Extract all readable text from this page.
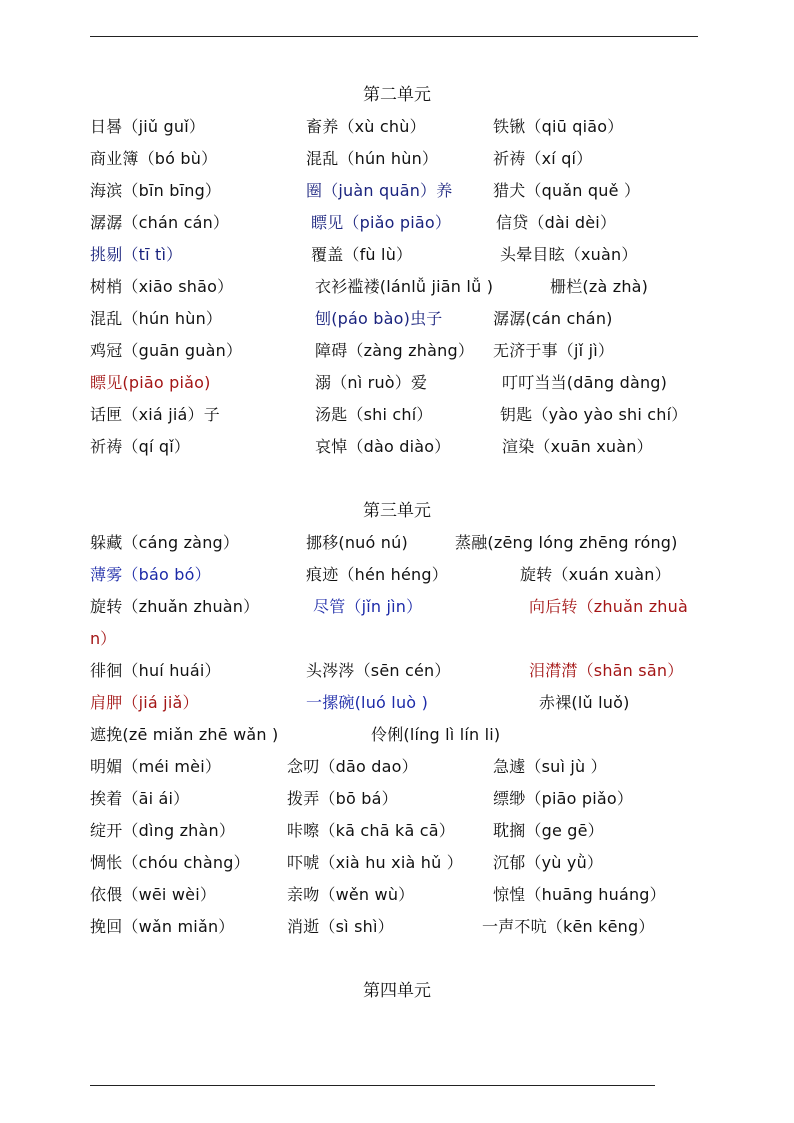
第二单元
日晷（jiǔ guǐ）	畜养（xù chù）	铁锹（qiū qiāo）
商业簿（bó bù）	混乱（hún hùn）	祈祷（xí qí）
海滨（bīn bīng）	圈（juàn quān）养	猎犬（quǎn quě ）
潺潺（chán cán）	瞟见（piǎo piāo）	信贷（dài dèi）
挑剔（tī tì）	覆盖（fù lù）	头晕目眩（xuàn）
树梢（xiāo shāo）	衣衫褴褛(lánlǚ jiān lǚ )	栅栏(zà zhà)
混乱（hún hùn）	刨(páo bào)虫子	潺潺(cán chán)
鸡冠（guān guàn）	障碍（zàng zhàng） 无济于事（jǐ jì）
瞟见(piāo piǎo)	溺（nì ruò）爱	叮叮当当(dāng dàng)
话匣（xiá jiá）子	汤匙（shi chí）	钥匙（yào yào shi chí）
祈祷（qí qǐ）	哀悼（dào diào）	渲染（xuān xuàn）
第三单元
躲藏（cáng zàng）	挪移(nuó nú)	蒸融(zēng lóng zhēng róng)
薄雾（báo bó）	痕迹（hén héng）	旋转（xuán xuàn）
旋转（zhuǎn zhuàn）	尽管（jǐn jìn）	向后转（zhuǎn zhuà
n）
徘徊（huí huái）	头涔涔（sēn cén）	泪潸潸（shān sān）
肩胛（jiá jiǎ）	一摞碗(luó luò )	赤裸(lǔ luǒ)
遮挽(zē miǎn zhē wǎn )	伶俐(líng lì lín li)
明媚（méi mèi）	念叨（dāo dao）	急遽（suì jù ）
挨着（āi ái）	拨弄（bō bá）	缥缈（piāo piǎo）
绽开（dìng zhàn）	咔嚓（kā chā kā cā） 耽搁（ge gē）
惆怅（chóu chàng） 吓唬（xià hu xià hǔ ） 沉郁（yù yǜ）
依偎（wēi wèi）	亲吻（wěn wù）	惊惶（huāng huáng）
挽回（wǎn miǎn）	消逝（sì shì）	一声不吭（kēn kēng）
第四单元
